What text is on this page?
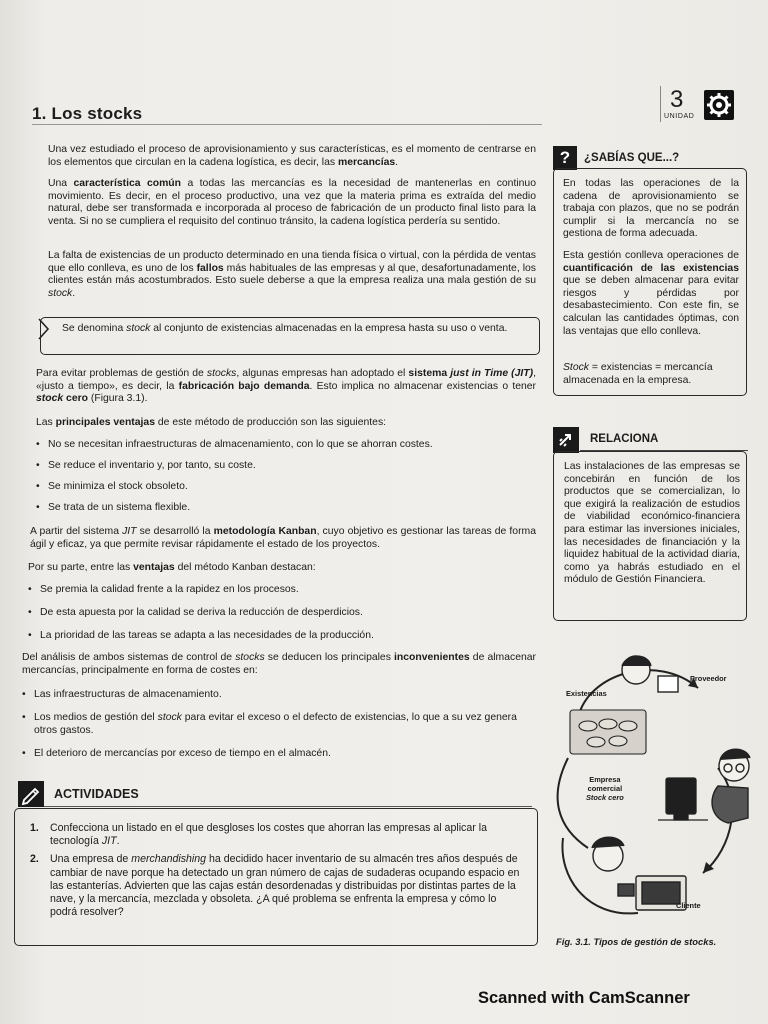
1. Los stocks
3
UNIDAD

Una vez estudiado el proceso de aprovisionamiento y sus características, es el momento de centrarse en los elementos que circulan en la cadena logística, es decir, las mercancías.

Una característica común a todas las mercancías es la necesidad de mantenerlas en continuo movimiento. Es decir, en el proceso productivo, una vez que la materia prima es extraída del medio natural, debe ser transformada e incorporada al proceso de fabricación de un producto final listo para la venta. Si no se cumpliera el requisito del continuo tránsito, la cadena logística perdería su sentido.

La falta de existencias de un producto determinado en una tienda física o virtual, con la pérdida de ventas que ello conlleva, es uno de los fallos más habituales de las empresas y al que, desafortunadamente, los clientes están más acostumbrados. Esto suele deberse a que la empresa realiza una mala gestión de su stock.

Se denomina stock al conjunto de existencias almacenadas en la empresa hasta su uso o venta.

Para evitar problemas de gestión de stocks, algunas empresas han adoptado el sistema just in Time (JIT), «justo a tiempo», es decir, la fabricación bajo demanda. Esto implica no almacenar existencias o tener stock cero (Figura 3.1).

Las principales ventajas de este método de producción son las siguientes:

• No se necesitan infraestructuras de almacenamiento, con lo que se ahorran costes.
• Se reduce el inventario y, por tanto, su coste.
• Se minimiza el stock obsoleto.
• Se trata de un sistema flexible.

A partir del sistema JIT se desarrolló la metodología Kanban, cuyo objetivo es gestionar las tareas de forma ágil y eficaz, ya que permite revisar rápidamente el estado de los proyectos.

Por su parte, entre las ventajas del método Kanban destacan:

• Se premia la calidad frente a la rapidez en los procesos.
• De esta apuesta por la calidad se deriva la reducción de desperdicios.
• La prioridad de las tareas se adapta a las necesidades de la producción.

Del análisis de ambos sistemas de control de stocks se deducen los principales inconvenientes de almacenar mercancías, principalmente en forma de costes en:

• Las infraestructuras de almacenamiento.
• Los medios de gestión del stock para evitar el exceso o el defecto de existencias, lo que a su vez genera otros gastos.
• El deterioro de mercancías por exceso de tiempo en el almacén.
ACTIVIDADES
1. Confecciona un listado en el que desgloses los costes que ahorran las empresas al aplicar la tecnología JIT.
2. Una empresa de merchandishing ha decidido hacer inventario de su almacén tres años después de cambiar de nave porque ha detectado un gran número de cajas de sudaderas ocupando espacio en las estanterías. Advierten que las cajas están desordenadas y distribuidas por distintas partes de la nave, y la mercancía, mezclada y obsoleta. ¿A qué problema se enfrenta la empresa y cómo lo podrá resolver?
?	¿SABÍAS QUE...?

En todas las operaciones de la cadena de aprovisionamiento se trabaja con plazos, que no se podrán cumplir si la mercancía no se gestiona de forma adecuada.

Esta gestión conlleva operaciones de cuantificación de las existencias que se deben almacenar para evitar riesgos y pérdidas por desabastecimiento. Con este fin, se calculan las cantidades óptimas, con las ventajas que ello conlleva.

Stock = existencias = mercancía almacenada en la empresa.

RELACIONA

Las instalaciones de las empresas se concebirán en función de los productos que se comercializan, lo que exigirá la realización de estudios de viabilidad económico-financiera para estimar las inversiones iniciales, las necesidades de financiación y la liquidez habitual de la actividad diaria, como ya habrás estudiado en el módulo de Gestión Financiera.

Proveedor
Existencias
Empresa
comercial
Stock cero
Cliente
Fig. 3.1. Tipos de gestión de stocks.
Scanned with CamScanner
